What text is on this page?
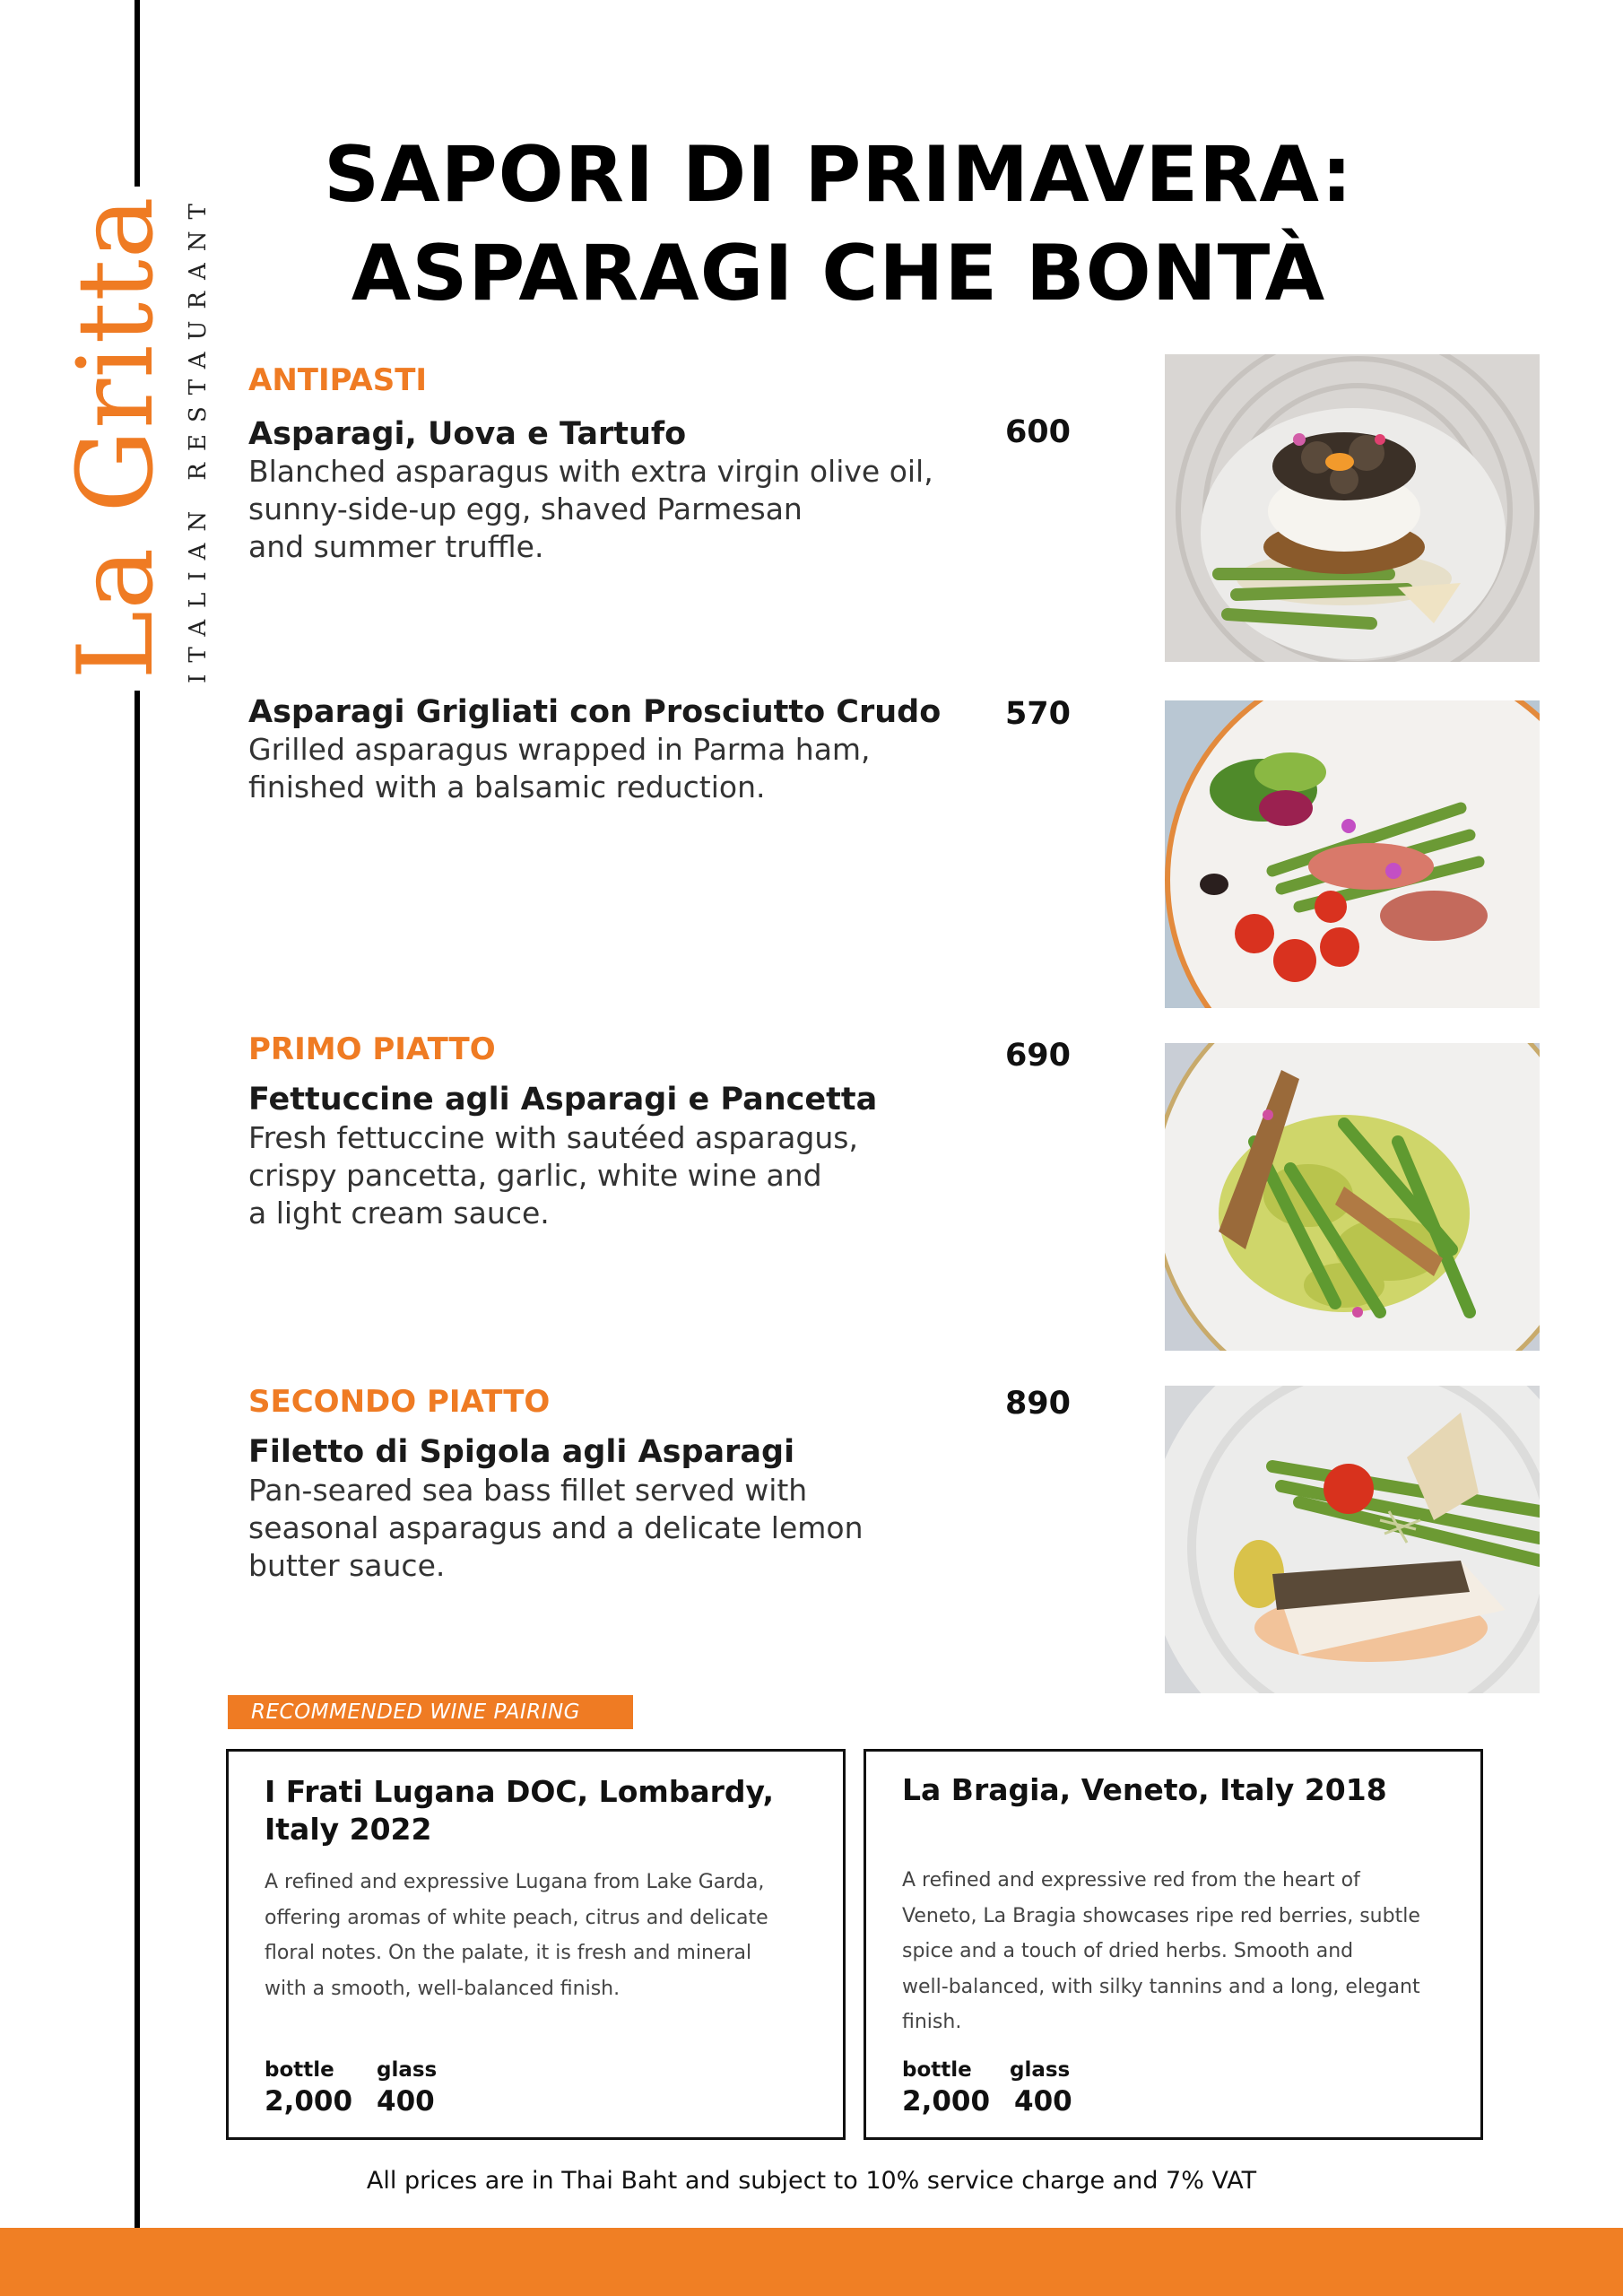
La Gritta ITALIAN RESTAURANT
SAPORI DI PRIMAVERA:
ASPARAGI CHE BONTÀ
ANTIPASTI
Asparagi, Uova e Tartufo	600
Blanched asparagus with extra virgin olive oil,
sunny-side-up egg, shaved Parmesan
and summer truffle.
Asparagi Grigliati con Prosciutto Crudo	570
Grilled asparagus wrapped in Parma ham,
finished with a balsamic reduction.
PRIMO PIATTO	690
Fettuccine agli Asparagi e Pancetta
Fresh fettuccine with sautéed asparagus,
crispy pancetta, garlic, white wine and
a light cream sauce.
SECONDO PIATTO	890
Filetto di Spigola agli Asparagi
Pan-seared sea bass fillet served with
seasonal asparagus and a delicate lemon
butter sauce.
RECOMMENDED WINE PAIRING
I Frati Lugana DOC, Lombardy,
Italy 2022
A refined and expressive Lugana from Lake Garda,
offering aromas of white peach, citrus and delicate
floral notes. On the palate, it is fresh and mineral
with a smooth, well-balanced finish.
bottle glass
2,000 400
La Bragia, Veneto, Italy 2018
A refined and expressive red from the heart of
Veneto, La Bragia showcases ripe red berries, subtle
spice and a touch of dried herbs. Smooth and
well-balanced, with silky tannins and a long, elegant
finish.
bottle glass
2,000 400
All prices are in Thai Baht and subject to 10% service charge and 7% VAT
